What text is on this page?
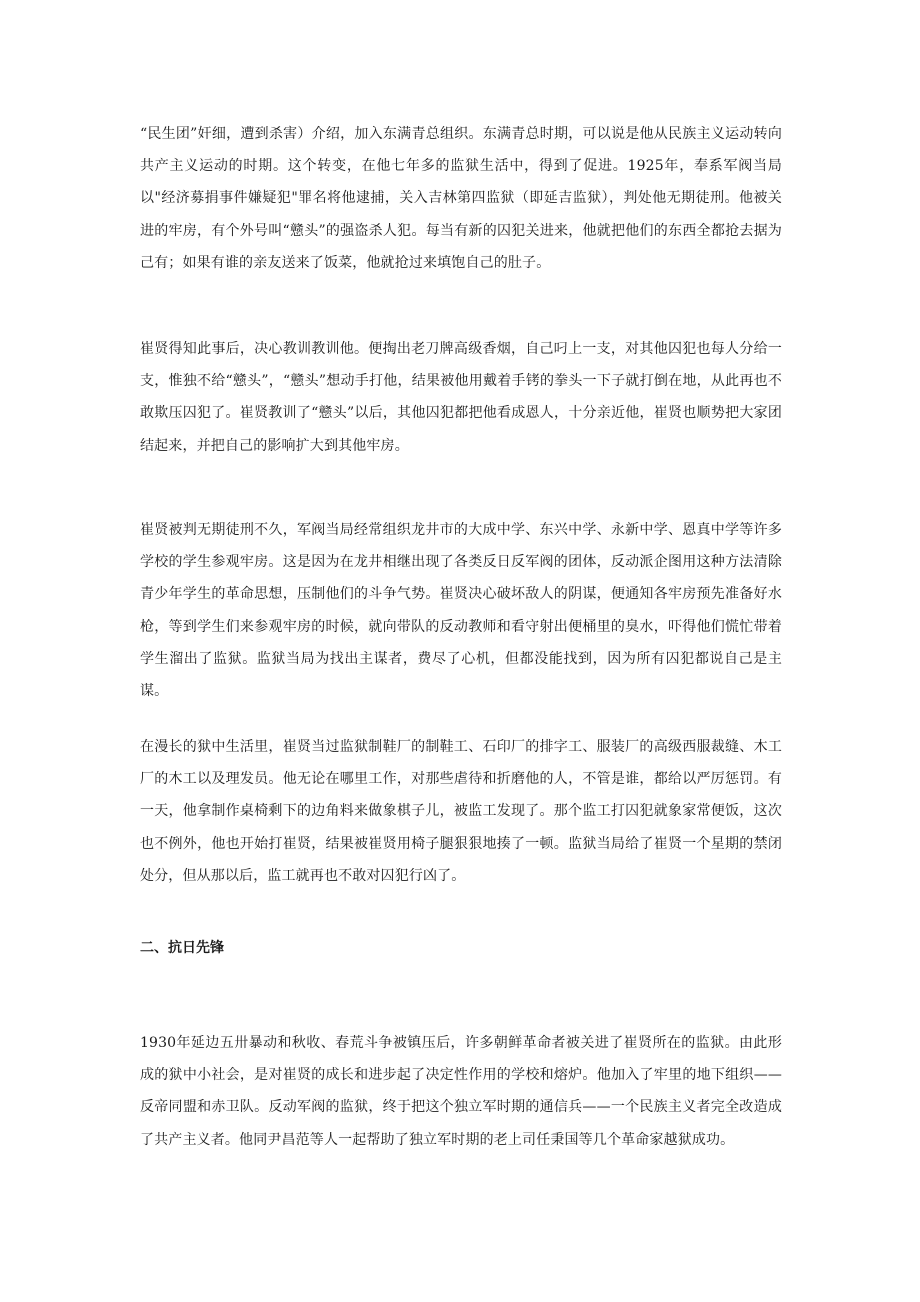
“民生团”奸细，遭到杀害）介绍，加入东满青总组织。东满青总时期，可以说是他从民族主义运动转向共产主义运动的时期。这个转变，在他七年多的监狱生活中，得到了促进。1925年，奉系军阀当局以"经济募捐事件嫌疑犯"罪名将他逮捕，关入吉林第四监狱（即延吉监狱），判处他无期徒刑。他被关进的牢房，有个外号叫“戆头”的强盗杀人犯。每当有新的囚犯关进来，他就把他们的东西全都抢去据为己有；如果有谁的亲友送来了饭菜，他就抢过来填饱自己的肚子。

崔贤得知此事后，决心教训教训他。便掏出老刀牌高级香烟，自己叼上一支，对其他囚犯也每人分给一支，惟独不给“戆头”，“戆头”想动手打他，结果被他用戴着手铐的拳头一下子就打倒在地，从此再也不敢欺压囚犯了。崔贤教训了“戆头”以后，其他囚犯都把他看成恩人，十分亲近他，崔贤也顺势把大家团结起来，并把自己的影响扩大到其他牢房。

崔贤被判无期徒刑不久，军阀当局经常组织龙井市的大成中学、东兴中学、永新中学、恩真中学等许多学校的学生参观牢房。这是因为在龙井相继出现了各类反日反军阀的团体，反动派企图用这种方法清除青少年学生的革命思想，压制他们的斗争气势。崔贤决心破坏敌人的阴谋，便通知各牢房预先准备好水枪，等到学生们来参观牢房的时候，就向带队的反动教师和看守射出便桶里的臭水，吓得他们慌忙带着学生溜出了监狱。监狱当局为找出主谋者，费尽了心机，但都没能找到，因为所有囚犯都说自己是主谋。

在漫长的狱中生活里，崔贤当过监狱制鞋厂的制鞋工、石印厂的排字工、服装厂的高级西服裁缝、木工厂的木工以及理发员。他无论在哪里工作，对那些虐待和折磨他的人，不管是谁，都给以严厉惩罚。有一天，他拿制作桌椅剩下的边角料来做象棋子儿，被监工发现了。那个监工打囚犯就象家常便饭，这次也不例外，他也开始打崔贤，结果被崔贤用椅子腿狠狠地揍了一顿。监狱当局给了崔贤一个星期的禁闭处分，但从那以后，监工就再也不敢对囚犯行凶了。

二、抗日先锋

1930年延边五卅暴动和秋收、春荒斗争被镇压后，许多朝鲜革命者被关进了崔贤所在的监狱。由此形成的狱中小社会，是对崔贤的成长和进步起了决定性作用的学校和熔炉。他加入了牢里的地下组织——反帝同盟和赤卫队。反动军阀的监狱，终于把这个独立军时期的通信兵——一个民族主义者完全改造成了共产主义者。他同尹昌范等人一起帮助了独立军时期的老上司任秉国等几个革命家越狱成功。
